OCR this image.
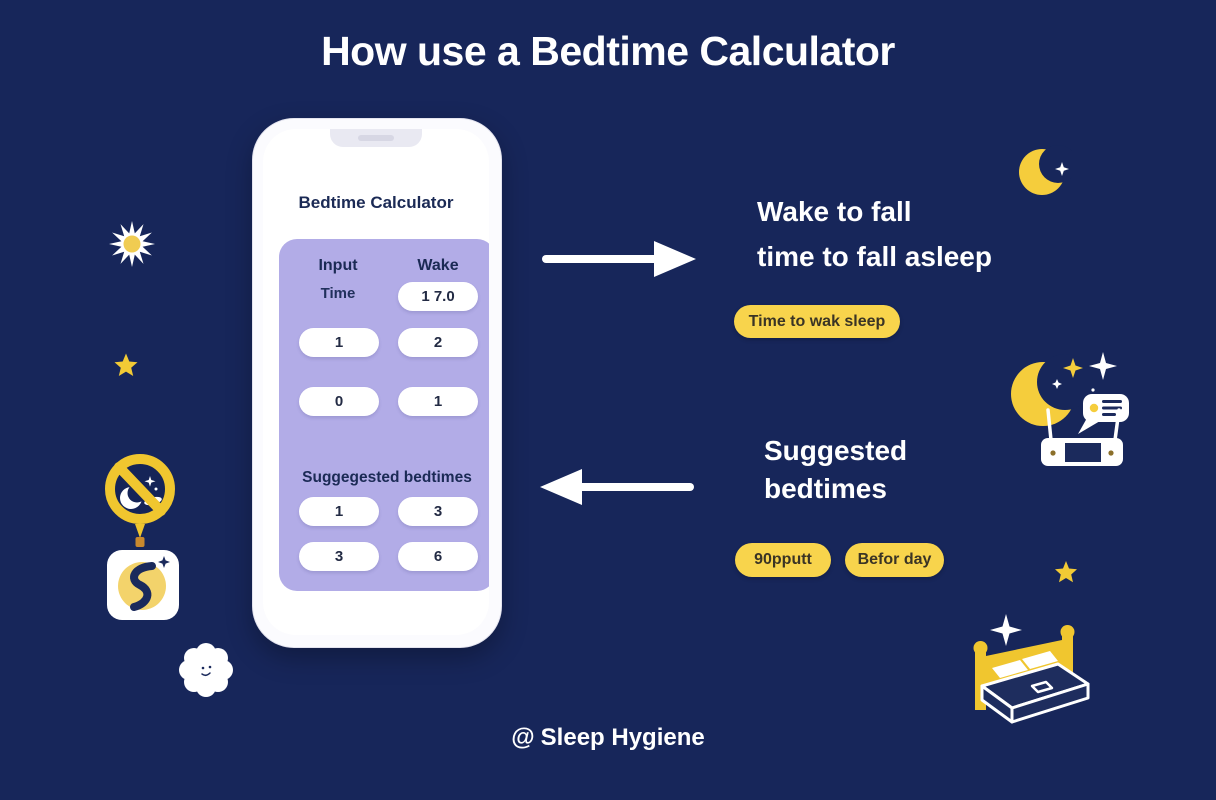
How use a Bedtime Calculator
Bedtime Calculator
Input	Wake
Time	1 7.0
1	2
0	1
Suggegested bedtimes
1	3
3	6
Wake to fall
time to fall asleep
Time to wak sleep
Suggested
bedtimes
90pputt	Befor day
@ Sleep Hygiene
